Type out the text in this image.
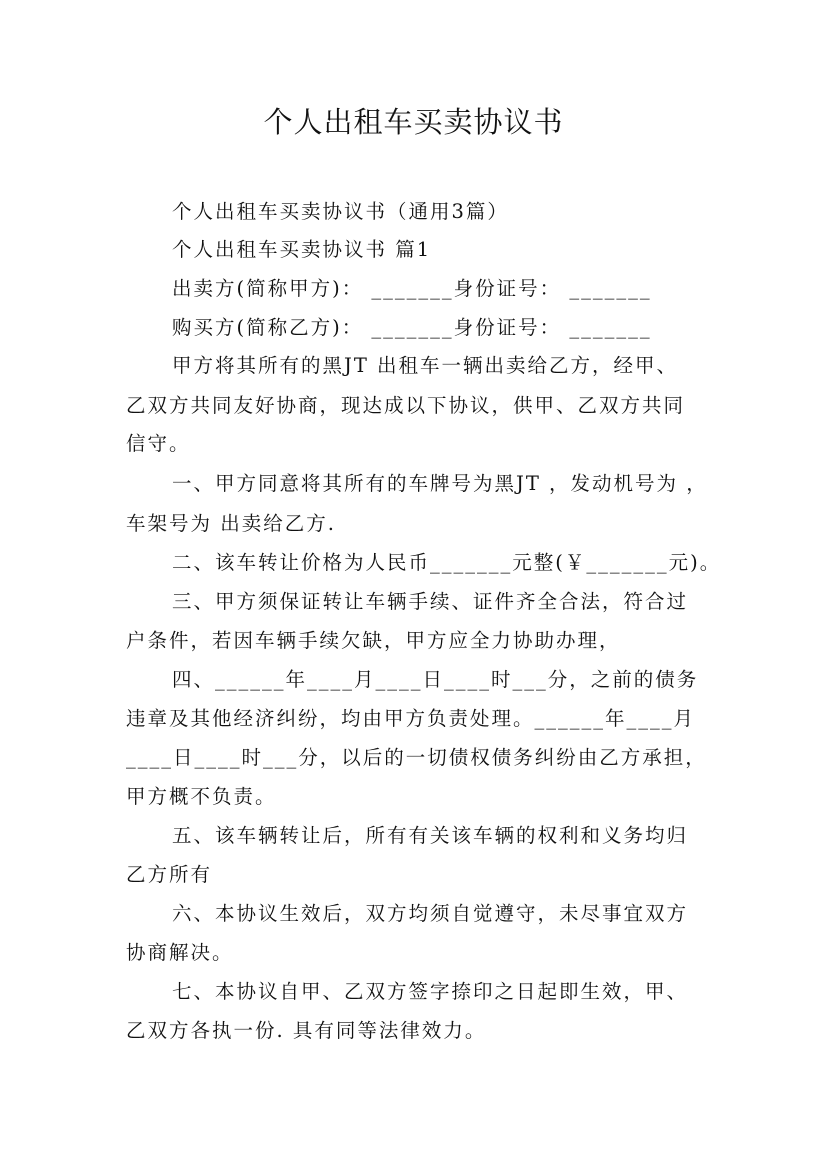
个人出租车买卖协议书
个人出租车买卖协议书（通用3篇）
个人出租车买卖协议书 篇1
出卖方(简称甲方)： _______身份证号： _______
购买方(简称乙方)： _______身份证号： _______
甲方将其所有的黑JT 出租车一辆出卖给乙方，经甲、
乙双方共同友好协商，现达成以下协议，供甲、乙双方共同
信守。
一、甲方同意将其所有的车牌号为黑JT ，发动机号为 ，
车架号为 出卖给乙方.
二、该车转让价格为人民币_______元整(￥_______元)。
三、甲方须保证转让车辆手续、证件齐全合法，符合过
户条件，若因车辆手续欠缺，甲方应全力协助办理，
四、______年____月____日____时___分，之前的债务
违章及其他经济纠纷，均由甲方负责处理。______年____月
____日____时___分，以后的一切债权债务纠纷由乙方承担，
甲方概不负责。
五、该车辆转让后，所有有关该车辆的权利和义务均归
乙方所有
六、本协议生效后，双方均须自觉遵守，未尽事宜双方
协商解决。
七、本协议自甲、乙双方签字捺印之日起即生效，甲、
乙双方各执一份. 具有同等法律效力。
